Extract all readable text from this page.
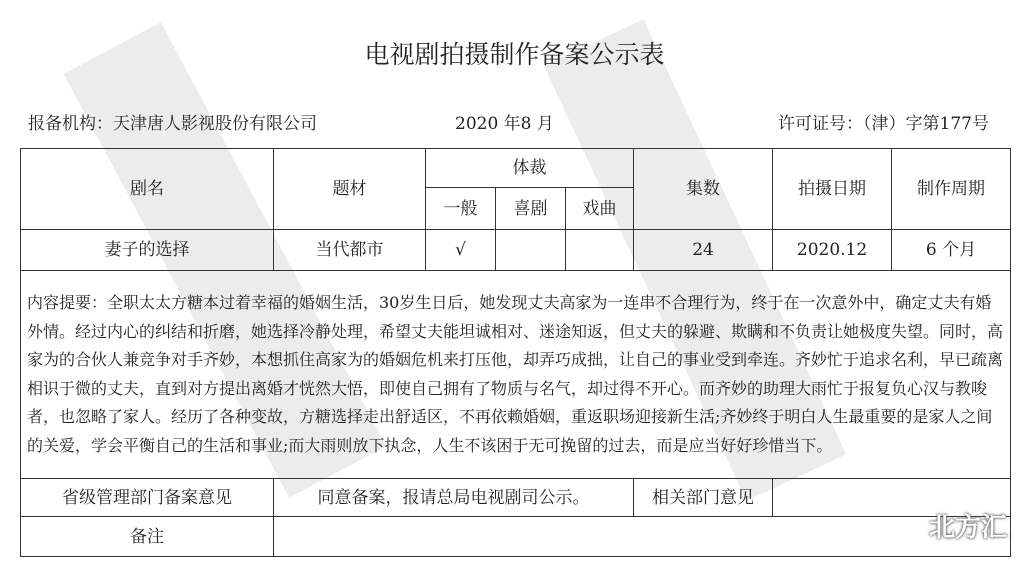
电视剧拍摄制作备案公示表
报备机构：天津唐人影视股份有限公司	2020 年8 月	许可证号：（津）字第177号
剧名	题材	体裁			集数	拍摄日期	制作周期
		一般	喜剧	戏曲			
妻子的选择	当代都市	√			24	2020.12	6 个月
内容提要：全职太太方糖本过着幸福的婚姻生活，30岁生日后，她发现丈夫高家为一连串不合理行为，终于在一次意外中，确定丈夫有婚外情。经过内心的纠结和折磨，她选择冷静处理，希望丈夫能坦诚相对、迷途知返，但丈夫的躲避、欺瞒和不负责让她极度失望。同时，高家为的合伙人兼竞争对手齐妙，本想抓住高家为的婚姻危机来打压他，却弄巧成拙，让自己的事业受到牵连。齐妙忙于追求名利，早已疏离相识于微的丈夫，直到对方提出离婚才恍然大悟，即使自己拥有了物质与名气，却过得不开心。而齐妙的助理大雨忙于报复负心汉与教唆者，也忽略了家人。经历了各种变故，方糖选择走出舒适区，不再依赖婚姻，重返职场迎接新生活;齐妙终于明白人生最重要的是家人之间的关爱，学会平衡自己的生活和事业;而大雨则放下执念，人生不该困于无可挽留的过去，而是应当好好珍惜当下。							
省级管理部门备案意见	同意备案，报请总局电视剧司公示。				相关部门意见		
备注								北方汇
